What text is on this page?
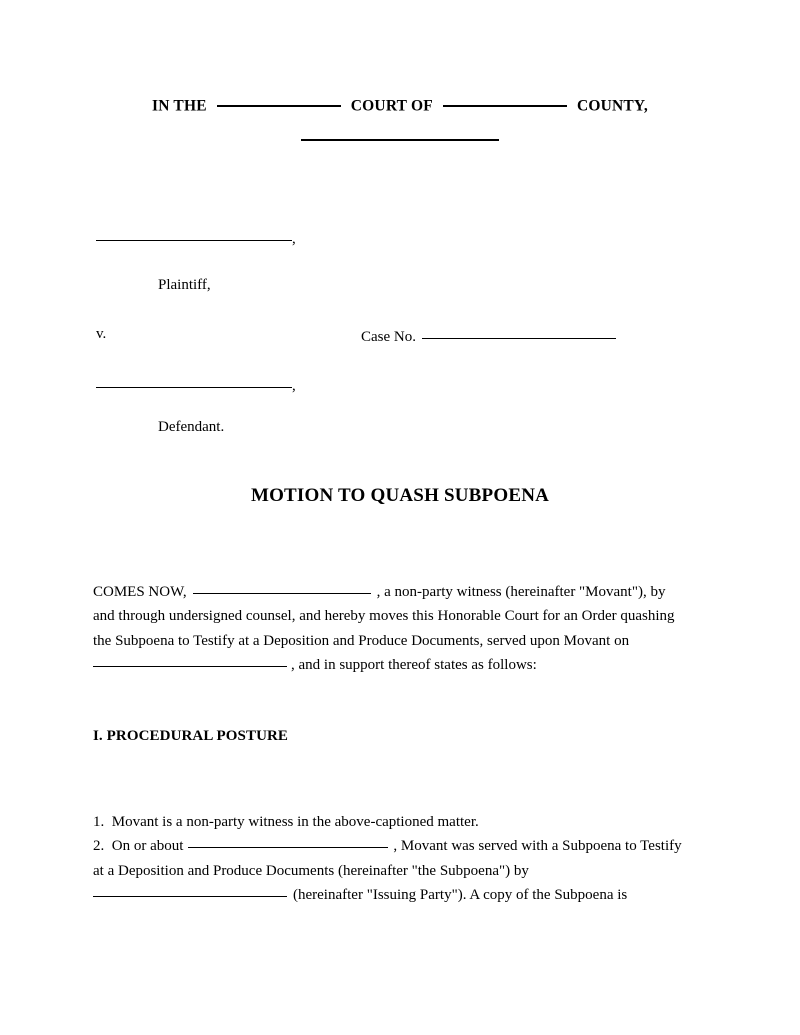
IN THE	COURT OF	COUNTY,
,
Plaintiff,
v.	Case No.
,
Defendant.
MOTION TO QUASH SUBPOENA

COMES NOW,	, a non-party witness (hereinafter "Movant"), by

and through undersigned counsel, and hereby moves this Honorable Court for an Order quashing

the Subpoena to Testify at a Deposition and Produce Documents, served upon Movant on

, and in support thereof states as follows:

I. PROCEDURAL POSTURE

1. Movant is a non-party witness in the above-captioned matter.

2. On or about	, Movant was served with a Subpoena to Testify

at a Deposition and Produce Documents (hereinafter "the Subpoena") by

(hereinafter "Issuing Party"). A copy of the Subpoena is
